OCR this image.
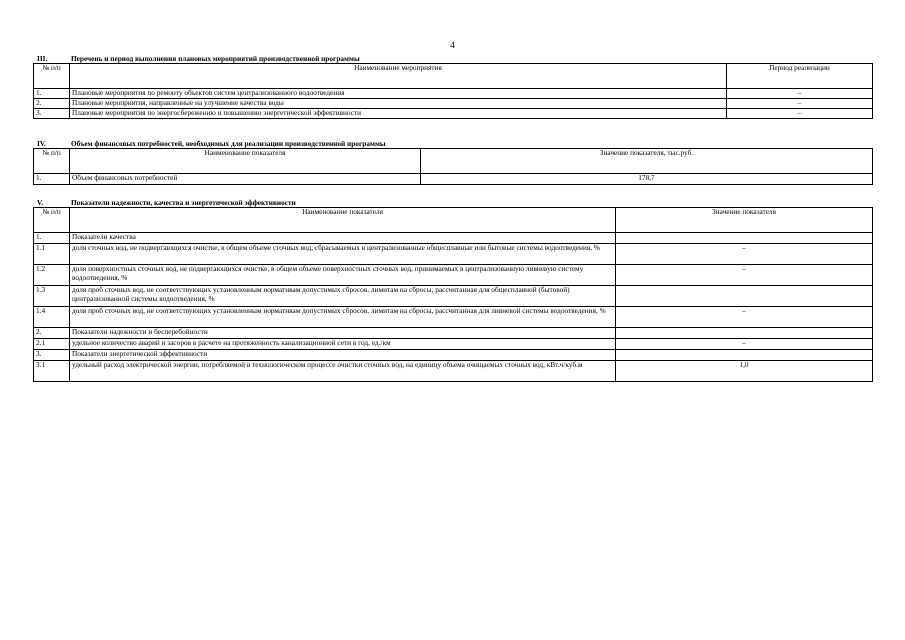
4
III.	Перечень и период выполнения плановых мероприятий производственной программы
№ п/п	Наименование мероприятия	Период реализации
1.	Плановые мероприятия по ремонту объектов систем централизованного водоотведения	–
2.	Плановые мероприятия, направленные на улучшение качества воды	–
3.	Плановые мероприятия по энергосбережению и повышению энергетической эффективности	–
IV.	Объем финансовых потребностей, необходимых для реализации производственной программы
№ п/п	Наименование показателя	Значение показателя, тыс.руб.
1.	Объем финансовых потребностей	178,7
V.	Показатели надежности, качества и энергетической эффективности
№ п/п	Наименование показателя	Значение показателя
1.	Показатели качества	
1.1	доля сточных вод, не подвергающихся очистке, в общем объеме сточных вод, сбрасываемых в централизованные общесплавные или бытовые системы водоотведения, %	–
1.2	доля поверхностных сточных вод, не подвергающихся очистке, в общем объеме поверхностных сточных вод, принимаемых в централизованную ливневую систему водоотведения, %	–
1.3	доля проб сточных вод, не соответствующих установленным нормативам допустимых сбросов, лимитам на сбросы, рассчитанная для общесплавной (бытовой) централизованной системы водоотведения, %	
1.4	доля проб сточных вод, не соответствующих установленным нормативам допустимых сбросов, лимитам на сбросы, рассчитанная для ливневой системы водоотведения, %	–
2.	Показатели надежности и бесперебойности	
2.1	удельное количество аварий и засоров в расчете на протяженность канализационной сети в год, ед./км	–
3.	Показатели энергетической эффективности	
3.1	удельный расход электрической энергии, потребляемой в технологическом процессе очистки сточных вод, на единицу объема очищаемых сточных вод, кВт.ч/куб.м	1,0
